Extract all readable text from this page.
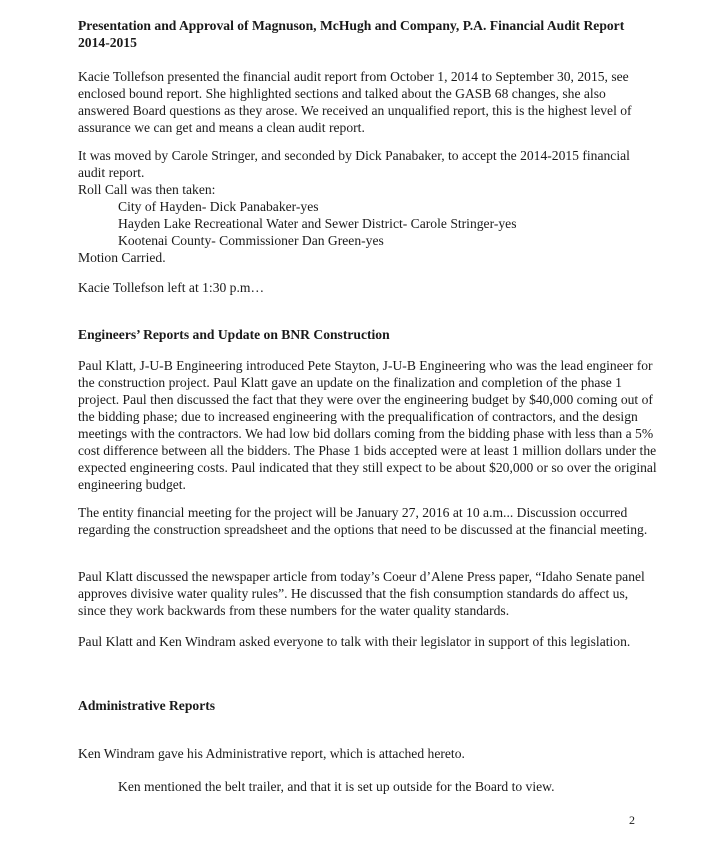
Presentation and Approval of Magnuson, McHugh and Company, P.A. Financial Audit Report 2014-2015

Kacie Tollefson presented the financial audit report from October 1, 2014 to September 30, 2015, see enclosed bound report. She highlighted sections and talked about the GASB 68 changes, she also answered Board questions as they arose. We received an unqualified report, this is the highest level of assurance we can get and means a clean audit report.

It was moved by Carole Stringer, and seconded by Dick Panabaker, to accept the 2014-2015 financial audit report.

Roll Call was then taken:

City of Hayden- Dick Panabaker-yes
Hayden Lake Recreational Water and Sewer District- Carole Stringer-yes
Kootenai County- Commissioner Dan Green-yes

Motion Carried.

Kacie Tollefson left at 1:30 p.m…

Engineers’ Reports and Update on BNR Construction

Paul Klatt, J-U-B Engineering introduced Pete Stayton, J-U-B Engineering who was the lead engineer for the construction project. Paul Klatt gave an update on the finalization and completion of the phase 1 project. Paul then discussed the fact that they were over the engineering budget by $40,000 coming out of the bidding phase; due to increased engineering with the prequalification of contractors, and the design meetings with the contractors. We had low bid dollars coming from the bidding phase with less than a 5% cost difference between all the bidders. The Phase 1 bids accepted were at least 1 million dollars under the expected engineering costs. Paul indicated that they still expect to be about $20,000 or so over the original engineering budget.

The entity financial meeting for the project will be January 27, 2016 at 10 a.m... Discussion occurred regarding the construction spreadsheet and the options that need to be discussed at the financial meeting.

Paul Klatt discussed the newspaper article from today’s Coeur d’Alene Press paper, “Idaho Senate panel approves divisive water quality rules”. He discussed that the fish consumption standards do affect us, since they work backwards from these numbers for the water quality standards.

Paul Klatt and Ken Windram asked everyone to talk with their legislator in support of this legislation.

Administrative Reports

Ken Windram gave his Administrative report, which is attached hereto.

Ken mentioned the belt trailer, and that it is set up outside for the Board to view.

2
